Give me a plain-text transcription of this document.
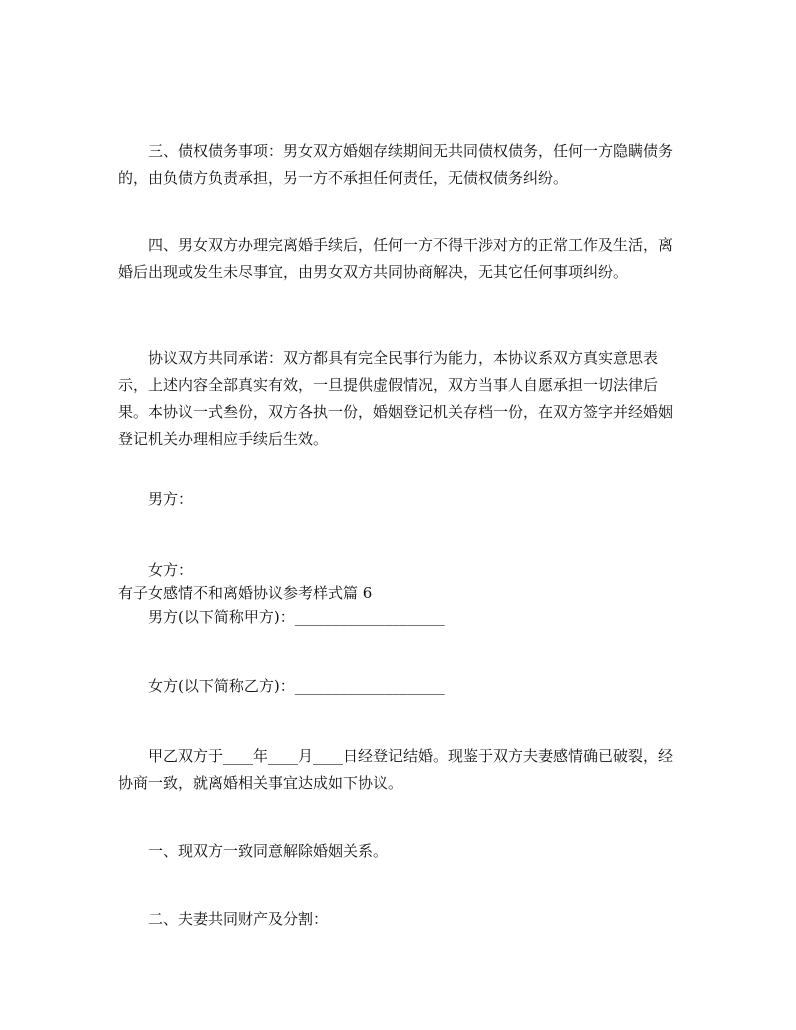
三、债权债务事项：男女双方婚姻存续期间无共同债权债务，任何一方隐瞒债务的，由负债方负责承担，另一方不承担任何责任，无债权债务纠纷。

四、男女双方办理完离婚手续后，任何一方不得干涉对方的正常工作及生活，离婚后出现或发生未尽事宜，由男女双方共同协商解决，无其它任何事项纠纷。

协议双方共同承诺：双方都具有完全民事行为能力，本协议系双方真实意思表示，上述内容全部真实有效，一旦提供虚假情况，双方当事人自愿承担一切法律后果。本协议一式叁份，双方各执一份，婚姻登记机关存档一份，在双方签字并经婚姻登记机关办理相应手续后生效。

男方：

女方：

有子女感情不和离婚协议参考样式篇 6

男方(以下简称甲方)：____________________

女方(以下简称乙方)：____________________

甲乙双方于____年____月____日经登记结婚。现鉴于双方夫妻感情确已破裂，经协商一致，就离婚相关事宜达成如下协议。

一、现双方一致同意解除婚姻关系。

二、夫妻共同财产及分割：
